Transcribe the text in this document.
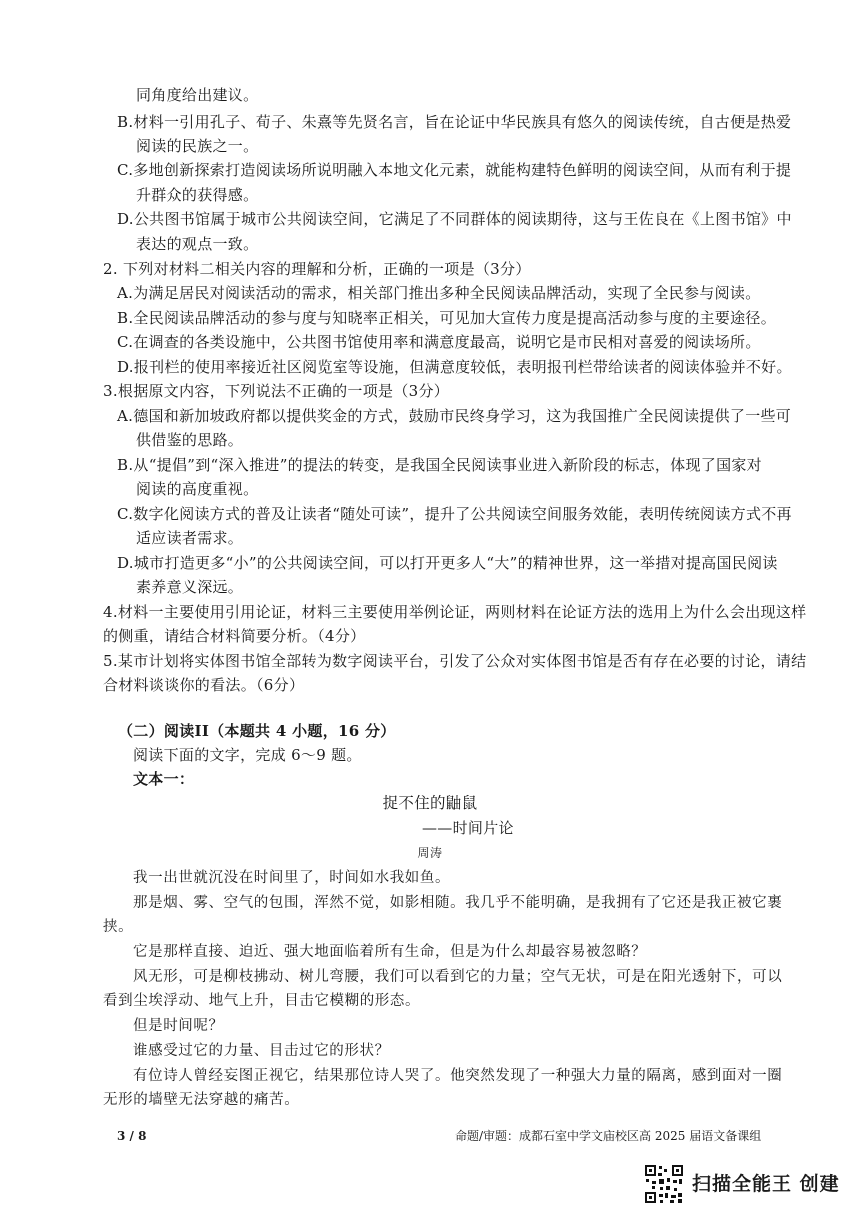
同角度给出建议。
B.材料一引用孔子、荀子、朱熹等先贤名言，旨在论证中华民族具有悠久的阅读传统，自古便是热爱
阅读的民族之一。
C.多地创新探索打造阅读场所说明融入本地文化元素，就能构建特色鲜明的阅读空间，从而有利于提
升群众的获得感。
D.公共图书馆属于城市公共阅读空间，它满足了不同群体的阅读期待，这与王佐良在《上图书馆》中
表达的观点一致。
2. 下列对材料二相关内容的理解和分析，正确的一项是（3分）
A.为满足居民对阅读活动的需求，相关部门推出多种全民阅读品牌活动，实现了全民参与阅读。
B.全民阅读品牌活动的参与度与知晓率正相关，可见加大宣传力度是提高活动参与度的主要途径。
C.在调查的各类设施中，公共图书馆使用率和满意度最高，说明它是市民相对喜爱的阅读场所。
D.报刊栏的使用率接近社区阅览室等设施，但满意度较低，表明报刊栏带给读者的阅读体验并不好。
3.根据原文内容，下列说法不正确的一项是（3分）
A.德国和新加坡政府都以提供奖金的方式，鼓励市民终身学习，这为我国推广全民阅读提供了一些可
供借鉴的思路。
B.从“提倡”到“深入推进”的提法的转变，是我国全民阅读事业进入新阶段的标志，体现了国家对
阅读的高度重视。
C.数字化阅读方式的普及让读者“随处可读”，提升了公共阅读空间服务效能，表明传统阅读方式不再
适应读者需求。
D.城市打造更多“小”的公共阅读空间，可以打开更多人“大”的精神世界，这一举措对提高国民阅读
素养意义深远。
4.材料一主要使用引用论证，材料三主要使用举例论证，两则材料在论证方法的选用上为什么会出现这样
的侧重，请结合材料简要分析。（4分）
5.某市计划将实体图书馆全部转为数字阅读平台，引发了公众对实体图书馆是否有存在必要的讨论，请结
合材料谈谈你的看法。（6分）
（二）阅读II（本题共 4 小题，16 分）
阅读下面的文字，完成 6～9 题。
文本一：
捉不住的鼬鼠
——时间片论
周涛
我一出世就沉没在时间里了，时间如水我如鱼。
那是烟、雾、空气的包围，浑然不觉，如影相随。我几乎不能明确，是我拥有了它还是我正被它裹
挟。
它是那样直接、迫近、强大地面临着所有生命，但是为什么却最容易被忽略？
风无形，可是柳枝拂动、树儿弯腰，我们可以看到它的力量；空气无状，可是在阳光透射下，可以
看到尘埃浮动、地气上升，目击它模糊的形态。
但是时间呢？
谁感受过它的力量、目击过它的形状？
有位诗人曾经妄图正视它，结果那位诗人哭了。他突然发现了一种强大力量的隔离，感到面对一圈
无形的墙壁无法穿越的痛苦。
3 / 8	命题/审题：成都石室中学文庙校区高 2025 届语文备课组
扫描全能王 创建
